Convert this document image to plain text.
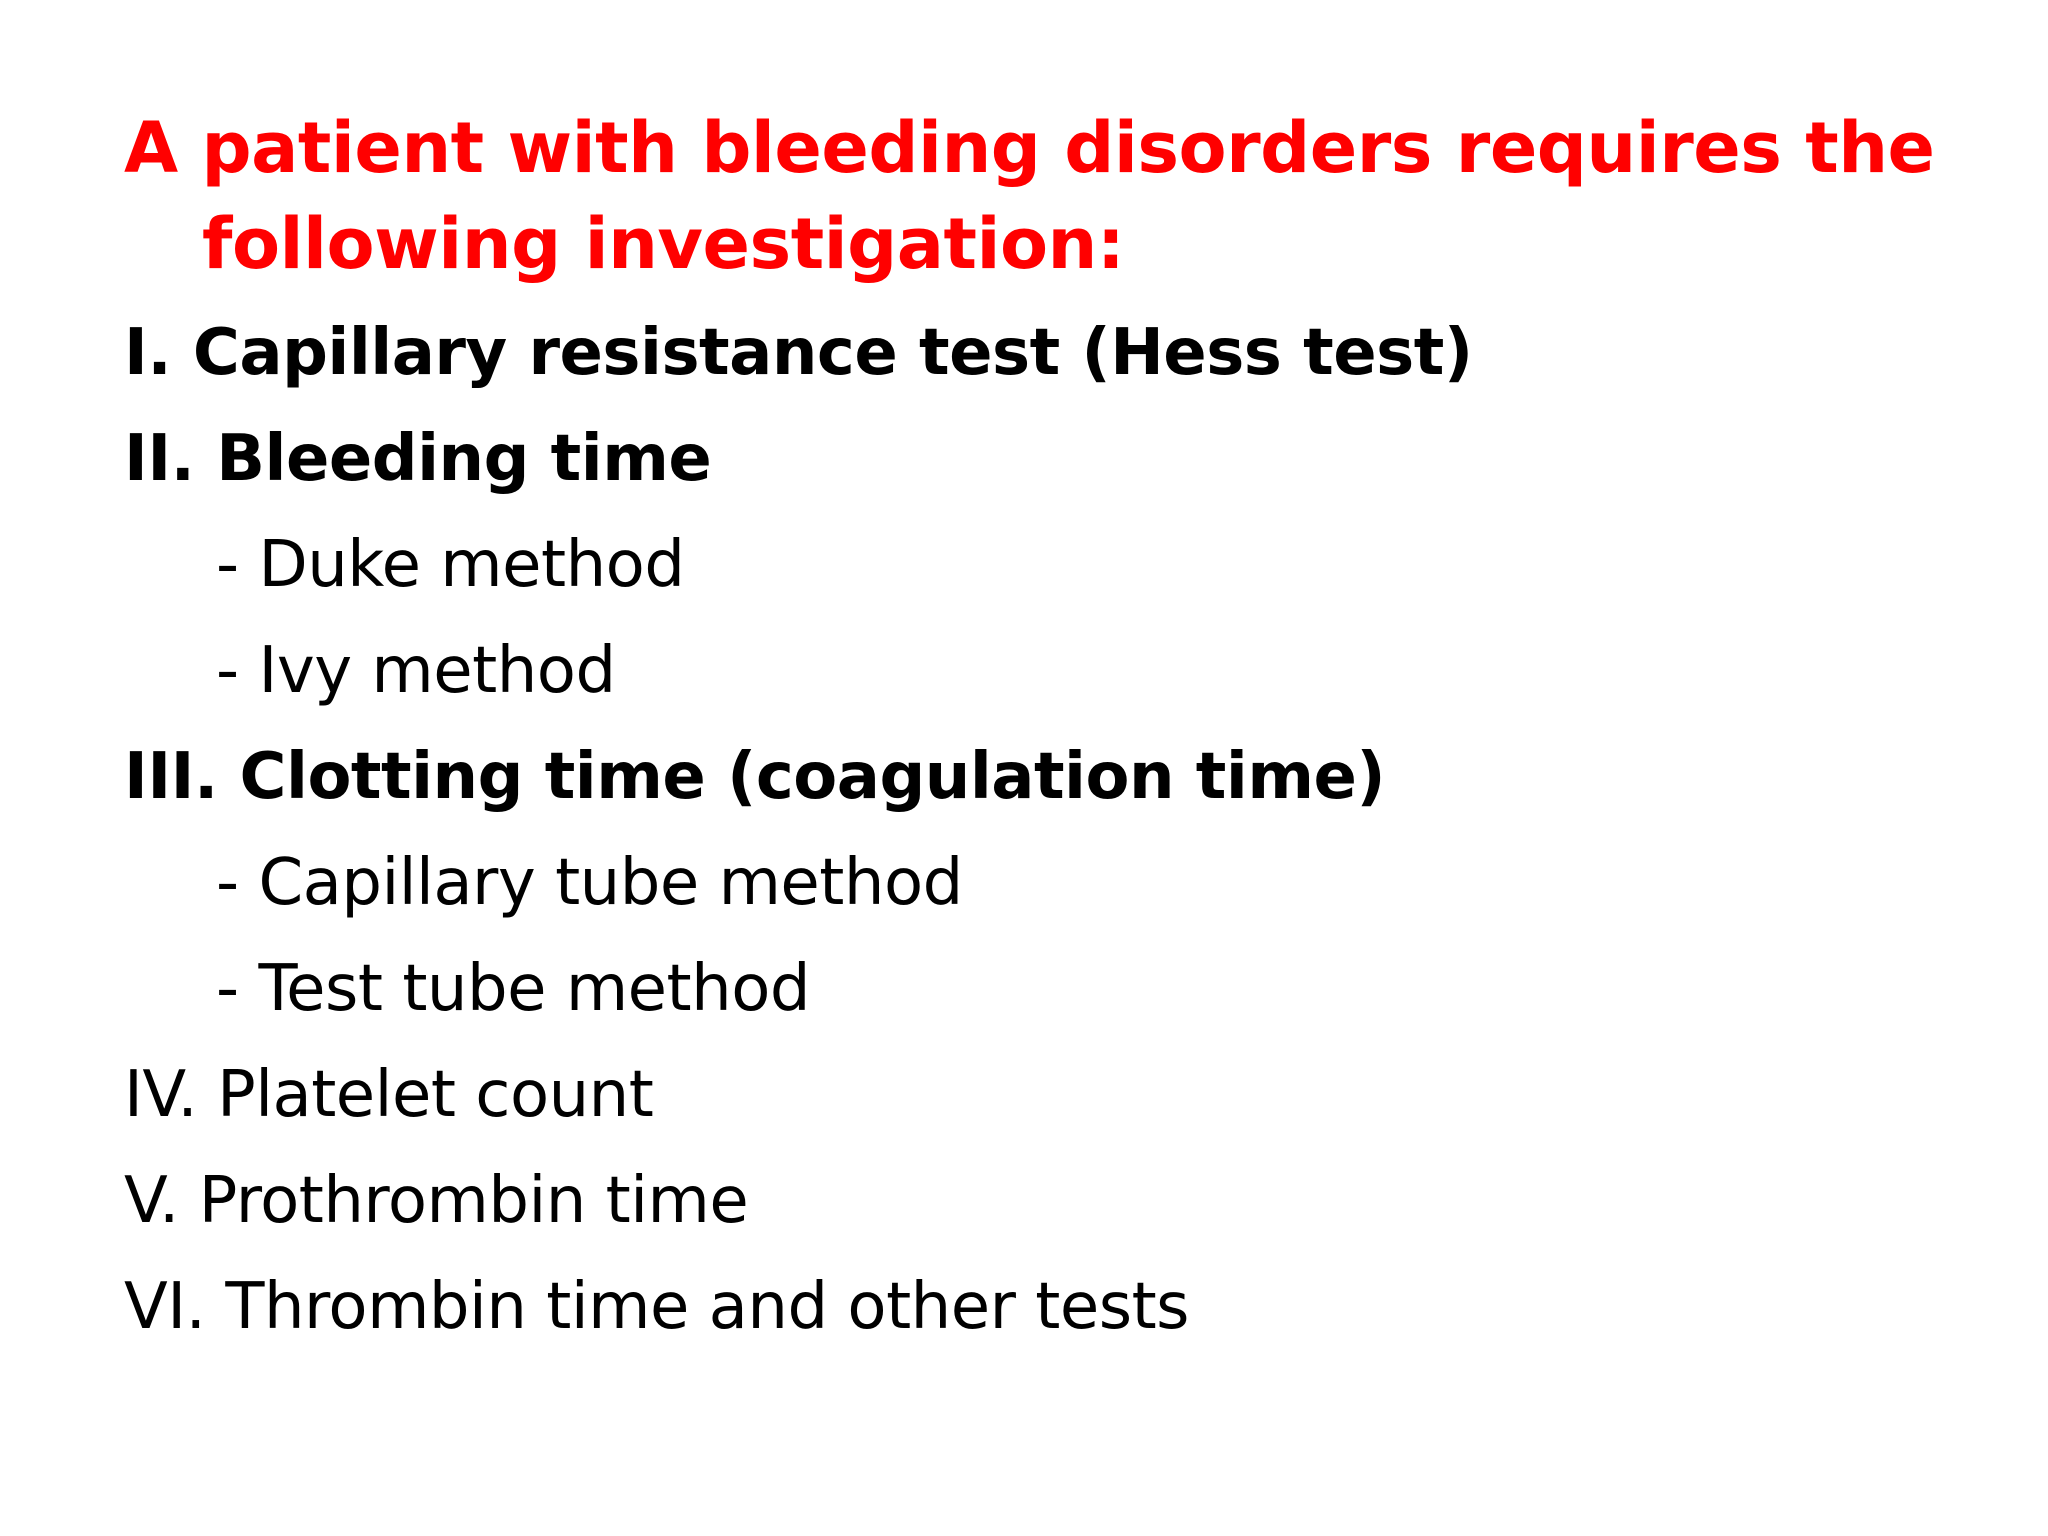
A patient with bleeding disorders requires the following investigation:
I. Capillary resistance test (Hess test)
II. Bleeding time
- Duke method
- Ivy method
III. Clotting time (coagulation time)
- Capillary tube method
- Test tube method
IV. Platelet count
V. Prothrombin time
VI. Thrombin time and other tests
